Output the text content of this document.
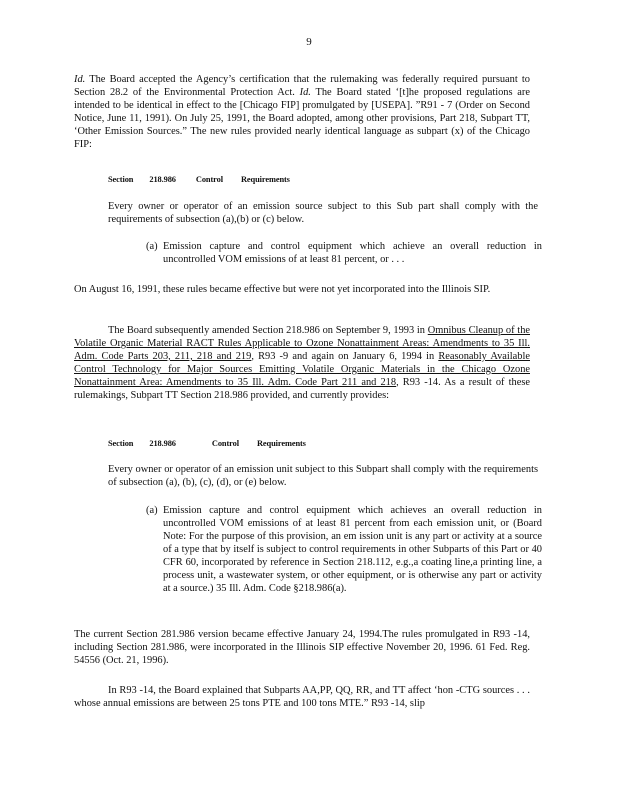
9

Id. The Board accepted the Agency’s certification that the rulemaking was federally required pursuant to Section 28.2 of the Environmental Protection Act. Id. The Board stated ‘[t]he proposed regulations are intended to be identical in effect to the [Chicago FIP] promulgated by [USEPA]. ”R91 - 7 (Order on Second Notice, June 11, 1991). On July 25, 1991, the Board adopted, among other provisions, Part 218, Subpart TT, ‘Other Emission Sources.” The new rules provided nearly identical language as subpart (x) of the Chicago FIP:

Section 218.986 Control Requirements

Every owner or operator of an emission source subject to this Sub part shall comply with the requirements of subsection (a),(b) or (c) below.

(a) Emission capture and control equipment which achieve an overall reduction in uncontrolled VOM emissions of at least 81 percent, or . . .

On August 16, 1991, these rules became effective but were not yet incorporated into the Illinois SIP.

The Board subsequently amended Section 218.986 on September 9, 1993 in Omnibus Cleanup of the Volatile Organic Material RACT Rules Applicable to Ozone Nonattainment Areas: Amendments to 35 Ill. Adm. Code Parts 203, 211, 218 and 219, R93 -9 and again on January 6, 1994 in Reasonably Available Control Technology for Major Sources Emitting Volatile Organic Materials in the Chicago Ozone Nonattainment Area: Amendments to 35 Ill. Adm. Code Part 211 and 218, R93 -14. As a result of these rulemakings, Subpart TT Section 218.986 provided, and currently provides:

Section 218.986	Control Requirements

Every owner or operator of an emission unit subject to this Subpart shall comply with the requirements of subsection (a), (b), (c), (d), or (e) below.

(a) Emission capture and control equipment which achieves an overall reduction in uncontrolled VOM emissions of at least 81 percent from each emission unit, or (Board Note: For the purpose of this provision, an em ission unit is any part or activity at a source of a type that by itself is subject to control requirements in other Subparts of this Part or 40 CFR 60, incorporated by reference in Section 218.112, e.g.,a coating line,a printing line, a process unit, a wastewater system, or other equipment, or is otherwise any part or activity at a source.) 35 Ill. Adm. Code §218.986(a).

The current Section 281.986 version became effective January 24, 1994.The rules promulgated in R93 -14, including Section 281.986, were incorporated in the Illinois SIP effective November 20, 1996. 61 Fed. Reg. 54556 (Oct. 21, 1996).

In R93 -14, the Board explained that Subparts AA,PP, QQ, RR, and TT affect ‘hon -CTG sources . . . whose annual emissions are between 25 tons PTE and 100 tons MTE.” R93 -14, slip
